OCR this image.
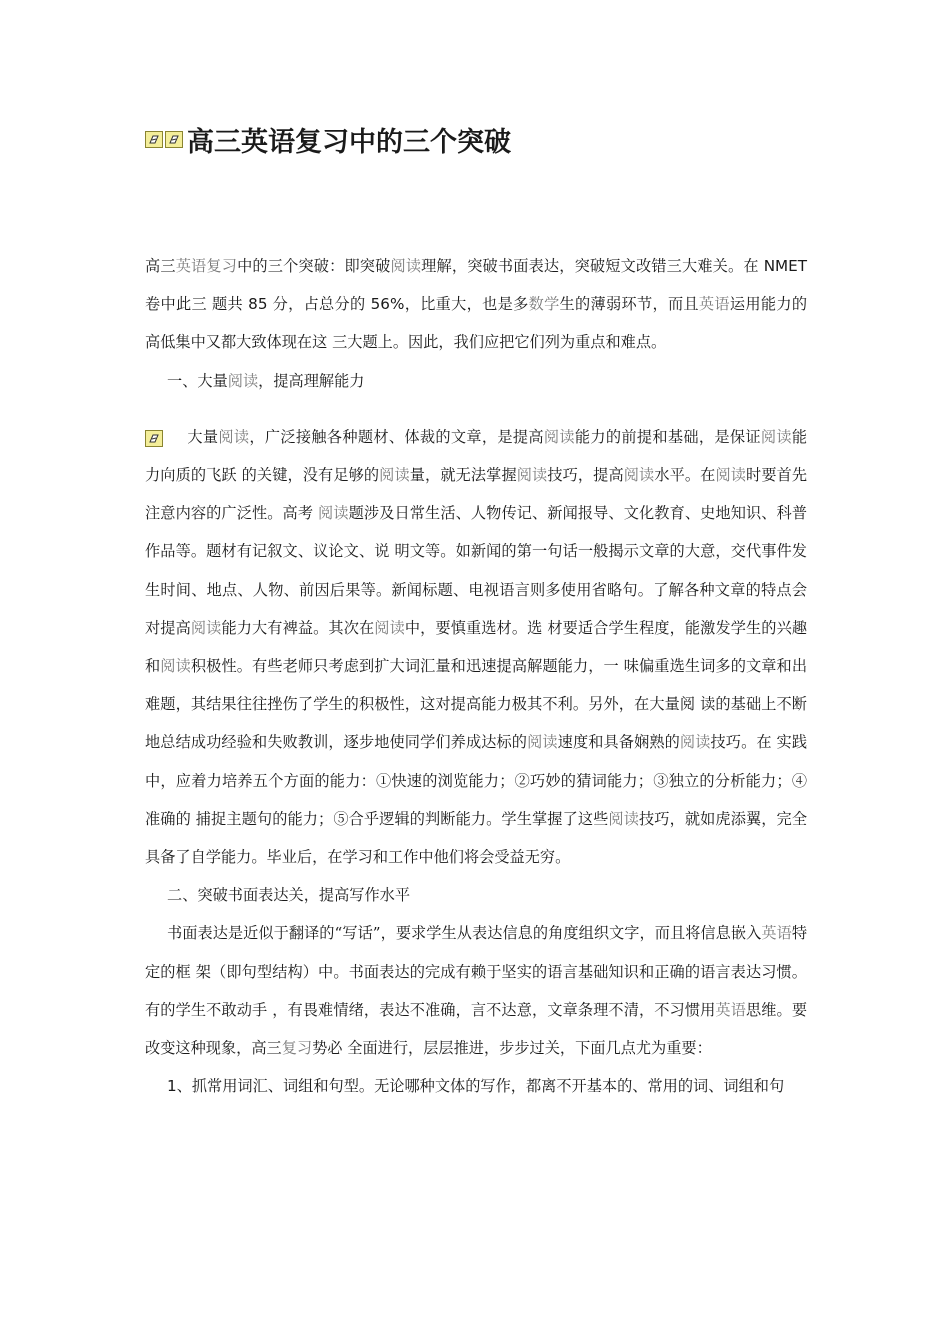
高三英语复习中的三个突破

高三英语复习中的三个突破：即突破阅读理解，突破书面表达，突破短文改错三大难关。在 NMET 卷中此三 题共 85 分，占总分的 56%，比重大，也是多数学生的薄弱环节，而且英语运用能力的高低集中又都大致体现在这 三大题上。因此，我们应把它们列为重点和难点。

一、大量阅读，提高理解能力

大量阅读，广泛接触各种题材、体裁的文章，是提高阅读能力的前提和基础，是保证阅读能力向质的飞跃 的关键，没有足够的阅读量，就无法掌握阅读技巧，提高阅读水平。在阅读时要首先注意内容的广泛性。高考 阅读题涉及日常生活、人物传记、新闻报导、文化教育、史地知识、科普作品等。题材有记叙文、议论文、说 明文等。如新闻的第一句话一般揭示文章的大意，交代事件发生时间、地点、人物、前因后果等。新闻标题、电视语言则多使用省略句。了解各种文章的特点会对提高阅读能力大有裨益。其次在阅读中，要慎重选材。选 材要适合学生程度，能激发学生的兴趣和阅读积极性。有些老师只考虑到扩大词汇量和迅速提高解题能力，一 味偏重选生词多的文章和出难题，其结果往往挫伤了学生的积极性，这对提高能力极其不利。另外，在大量阅 读的基础上不断地总结成功经验和失败教训，逐步地使同学们养成达标的阅读速度和具备娴熟的阅读技巧。在 实践中，应着力培养五个方面的能力：①快速的浏览能力；②巧妙的猜词能力；③独立的分析能力；④准确的 捕捉主题句的能力；⑤合乎逻辑的判断能力。学生掌握了这些阅读技巧，就如虎添翼，完全具备了自学能力。毕业后，在学习和工作中他们将会受益无穷。

二、突破书面表达关，提高写作水平

书面表达是近似于翻译的“写话”，要求学生从表达信息的角度组织文字，而且将信息嵌入英语特定的框 架（即句型结构）中。书面表达的完成有赖于坚实的语言基础知识和正确的语言表达习惯。有的学生不敢动手 ，有畏难情绪，表达不准确，言不达意，文章条理不清，不习惯用英语思维。要改变这种现象，高三复习势必 全面进行，层层推进，步步过关，下面几点尤为重要：

1、抓常用词汇、词组和句型。无论哪种文体的写作，都离不开基本的、常用的词、词组和句
